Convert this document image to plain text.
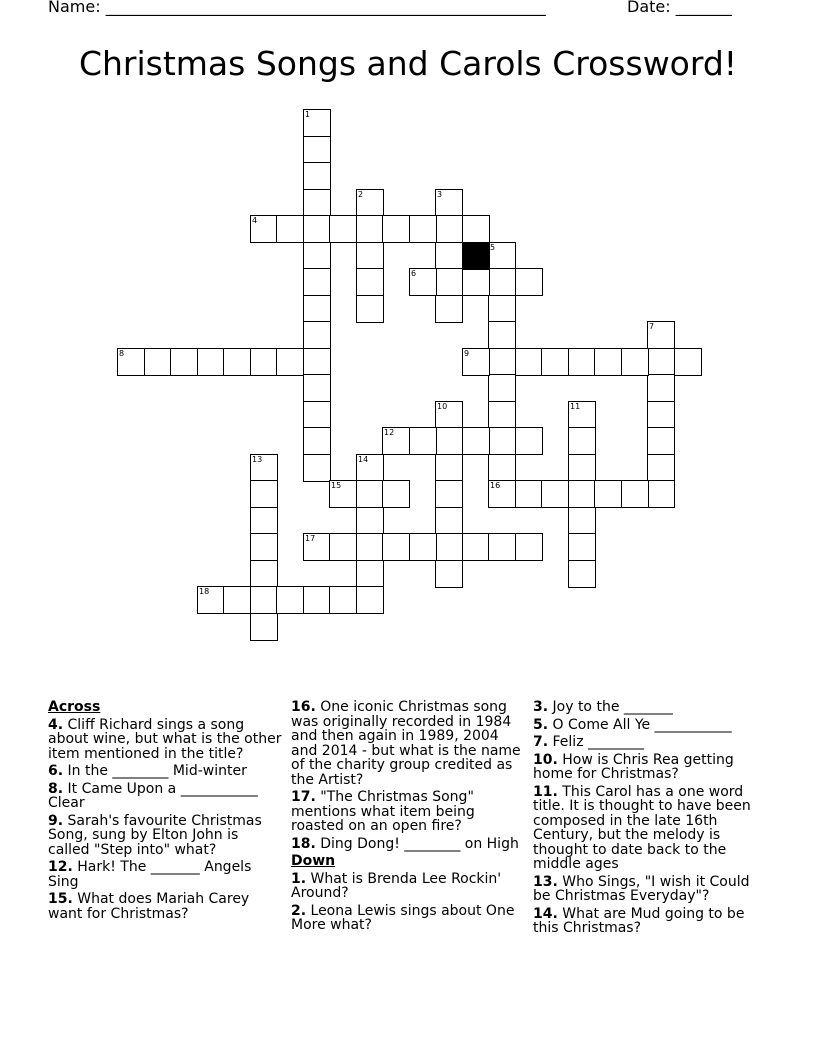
Name: _______________________________________________________	Date: _______
Christmas Songs and Carols Crossword!
1
2	3
4
5
6
7
8	9
10	11
12
13	14
15	16
17
18

Across

4. Cliff Richard sings a song about wine, but what is the other item mentioned in the title?

6. In the ________ Mid-winter

8. It Came Upon a ___________ Clear

9. Sarah's favourite Christmas Song, sung by Elton John is called "Step into" what?

12. Hark! The _______ Angels Sing

15. What does Mariah Carey want for Christmas?

16. One iconic Christmas song was originally recorded in 1984 and then again in 1989, 2004 and 2014 - but what is the name of the charity group credited as the Artist?

17. "The Christmas Song" mentions what item being roasted on an open fire?

18. Ding Dong! ________ on High

Down

1. What is Brenda Lee Rockin' Around?

2. Leona Lewis sings about One More what?

3. Joy to the _______

5. O Come All Ye ___________

7. Feliz ________

10. How is Chris Rea getting home for Christmas?

11. This Carol has a one word title. It is thought to have been composed in the late 16th Century, but the melody is thought to date back to the middle ages

13. Who Sings, "I wish it Could be Christmas Everyday"?

14. What are Mud going to be this Christmas?
